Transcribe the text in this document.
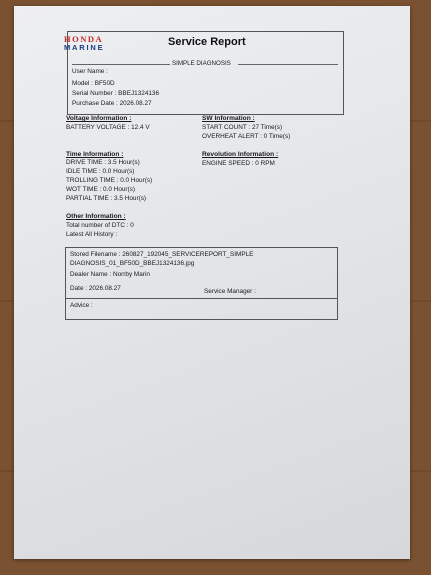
HONDA
MARINE	Service Report
SIMPLE DIAGNOSIS
User Name :
Model : BF50D
Serial Number : BBEJ1324136
Purchase Date : 2026.08.27
Voltage Information :
BATTERY VOLTAGE : 12.4 V
SW Information :
START COUNT : 27 Time(s)
OVERHEAT ALERT : 0 Time(s)
Time Information :
DRIVE TIME : 3.5 Hour(s)
IDLE TIME : 0.0 Hour(s)
TROLLING TIME : 0.0 Hour(s)
WOT TIME : 0.0 Hour(s)
PARTIAL TIME : 3.5 Hour(s)
Revolution Information :
ENGINE SPEED : 0 RPM
Other Information :
Total number of DTC : 0
Latest All History :
Stored Filename : 260827_192045_SERVICEREPORT_SIMPLE
DIAGNOSIS_01_BF50D_BBEJ1324136.jpg
Dealer Name : Norrby Marin
Date : 2026.08.27	Service Manager :
Advice :
